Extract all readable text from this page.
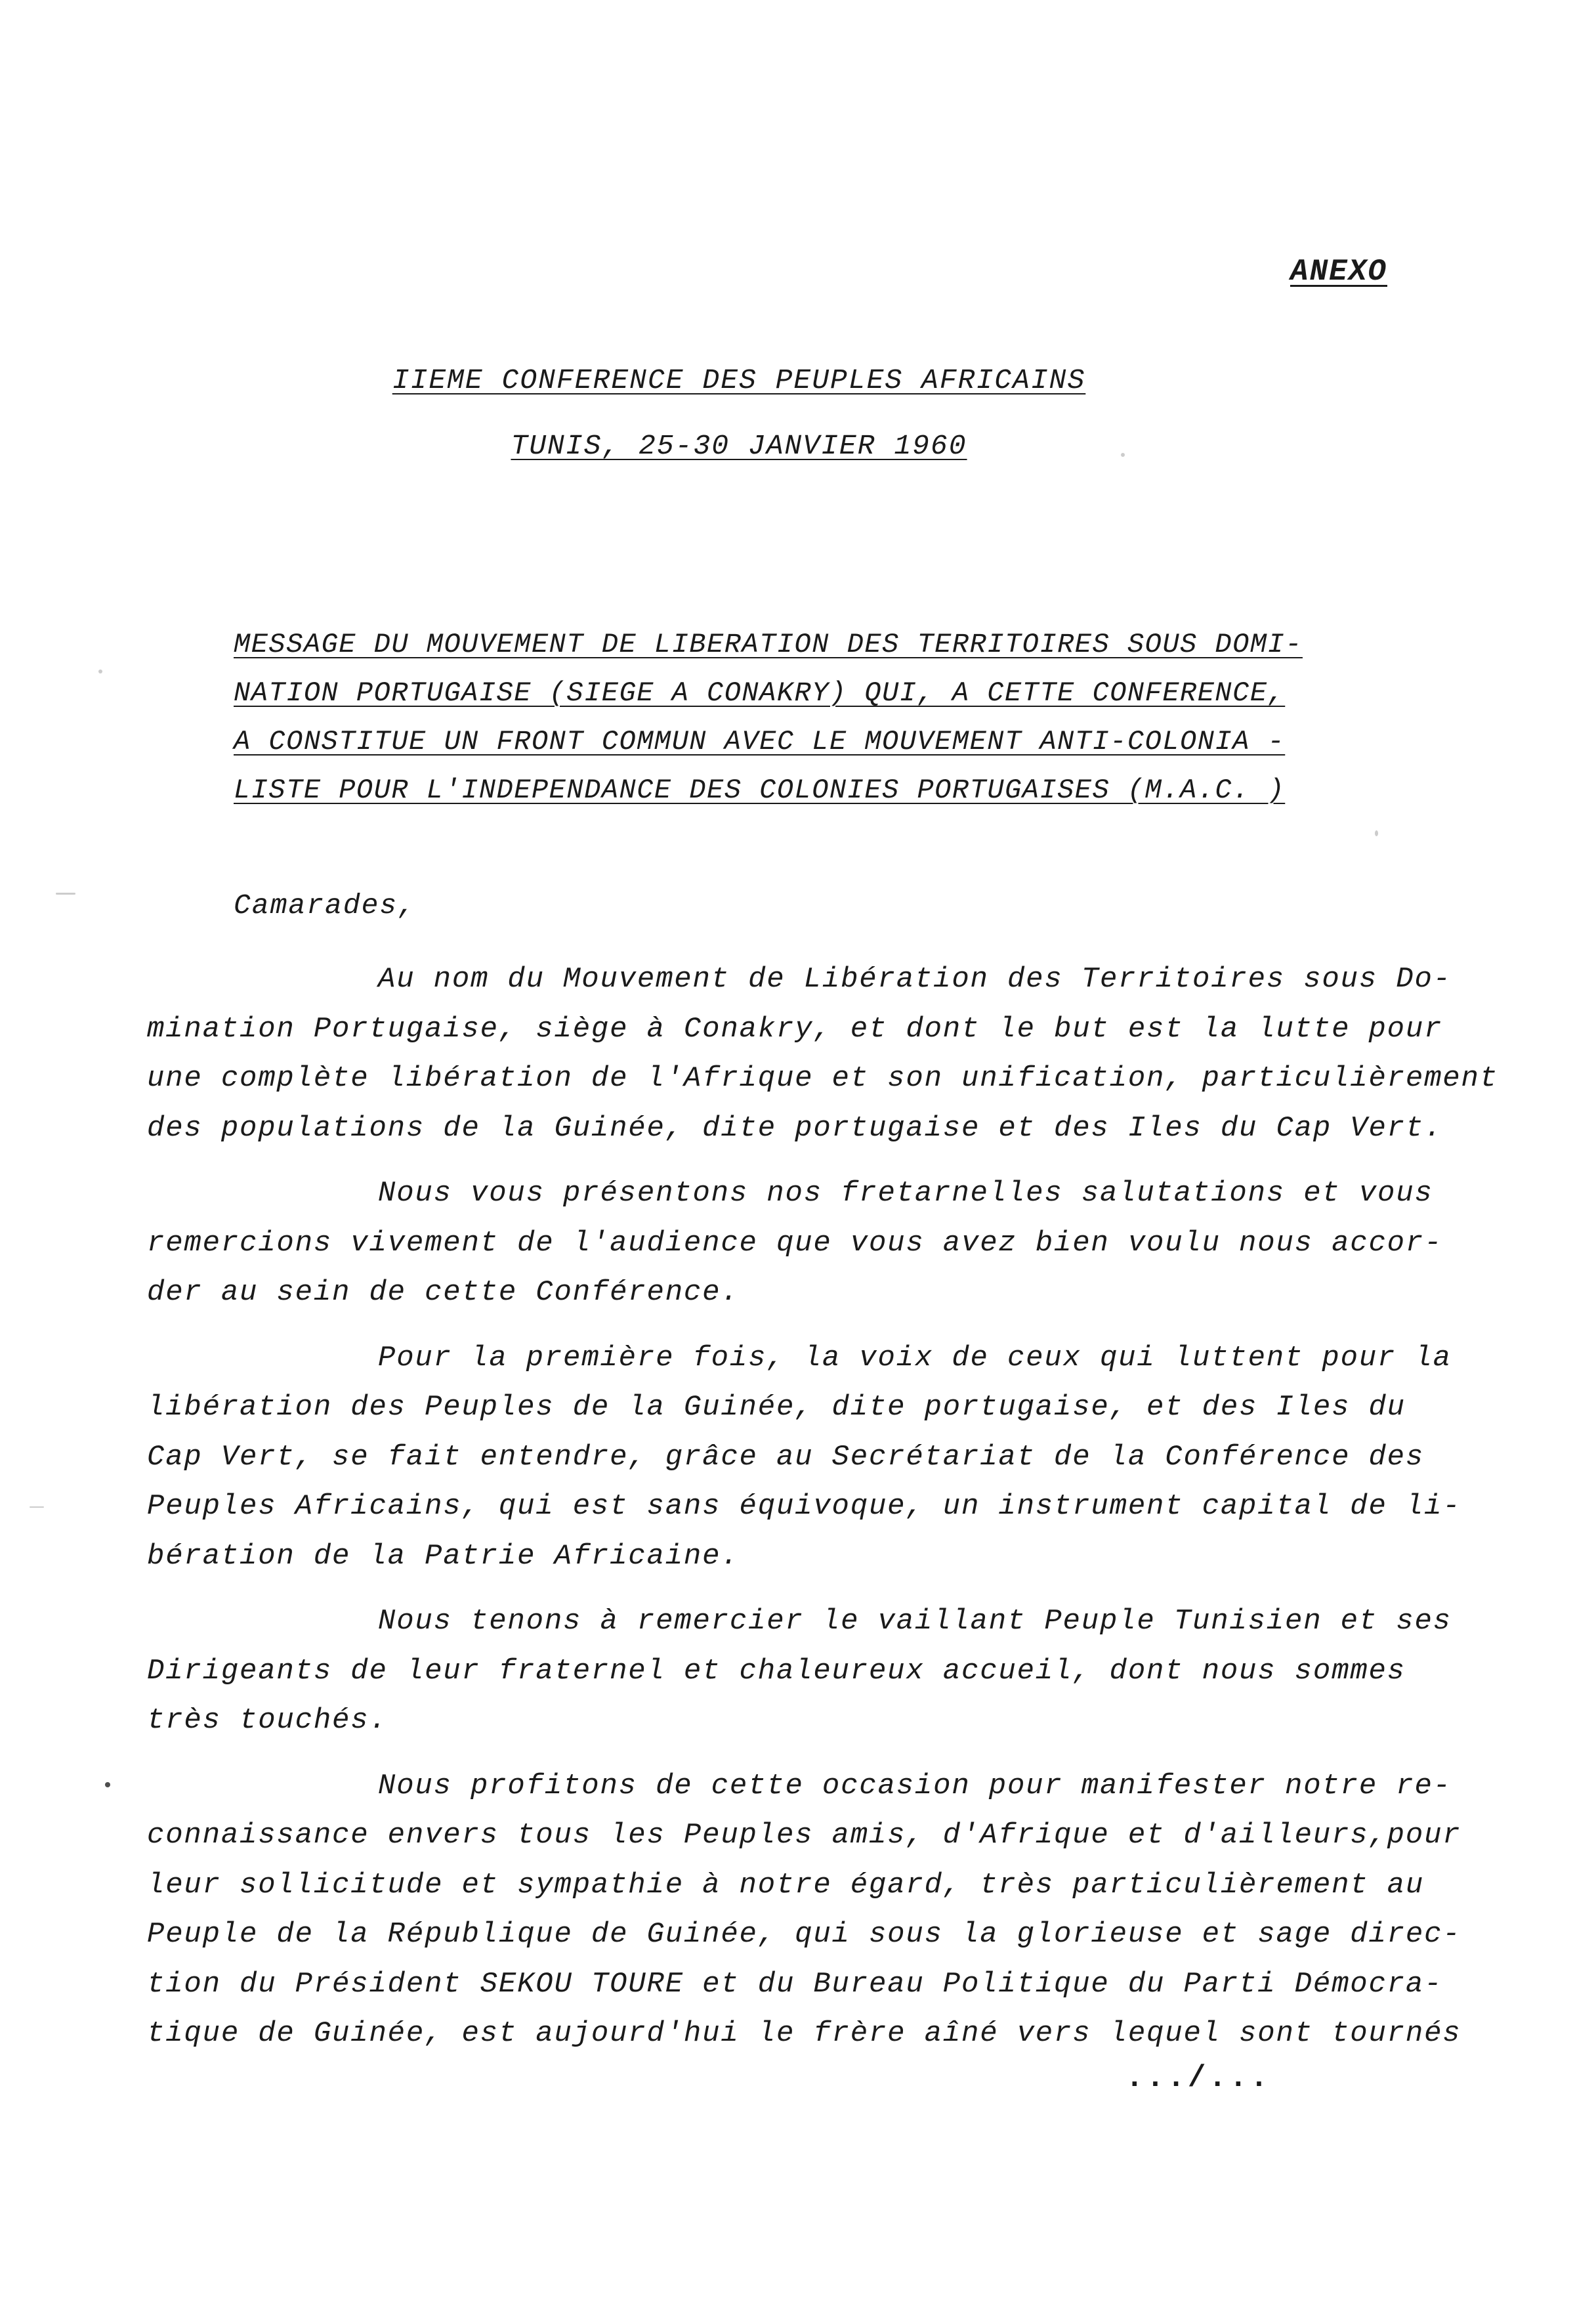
ANEXO
IIEME CONFERENCE DES PEUPLES AFRICAINS
TUNIS, 25-30 JANVIER 1960
MESSAGE DU MOUVEMENT DE LIBERATION DES TERRITOIRES SOUS DOMI-
NATION PORTUGAISE (SIEGE A CONAKRY) QUI, A CETTE CONFERENCE,
A CONSTITUE UN FRONT COMMUN AVEC LE MOUVEMENT ANTI-COLONIA -
LISTE POUR L'INDEPENDANCE DES COLONIES PORTUGAISES (M.A.C. )
Camarades,
Au nom du Mouvement de Libération des Territoires sous Do-
mination Portugaise, siège à Conakry, et dont le but est la lutte pour
une complète libération de l'Afrique et son unification, particulièrement
des populations de la Guinée, dite portugaise et des Iles du Cap Vert.
Nous vous présentons nos fretarnelles salutations et vous
remercions vivement de l'audience que vous avez bien voulu nous accor-
der au sein de cette Conférence.
Pour la première fois, la voix de ceux qui luttent pour la
libération des Peuples de la Guinée, dite portugaise, et des Iles du
Cap Vert, se fait entendre, grâce au Secrétariat de la Conférence des
Peuples Africains, qui est sans équivoque, un instrument capital de li-
bération de la Patrie Africaine.
Nous tenons à remercier le vaillant Peuple Tunisien et ses
Dirigeants de leur fraternel et chaleureux accueil, dont nous sommes
très touchés.
Nous profitons de cette occasion pour manifester notre re-
connaissance envers tous les Peuples amis, d'Afrique et d'ailleurs,pour
leur sollicitude et sympathie à notre égard, très particulièrement au
Peuple de la République de Guinée, qui sous la glorieuse et sage direc-
tion du Président SEKOU TOURE et du Bureau Politique du Parti Démocra-
tique de Guinée, est aujourd'hui le frère aîné vers lequel sont tournés
.../...
